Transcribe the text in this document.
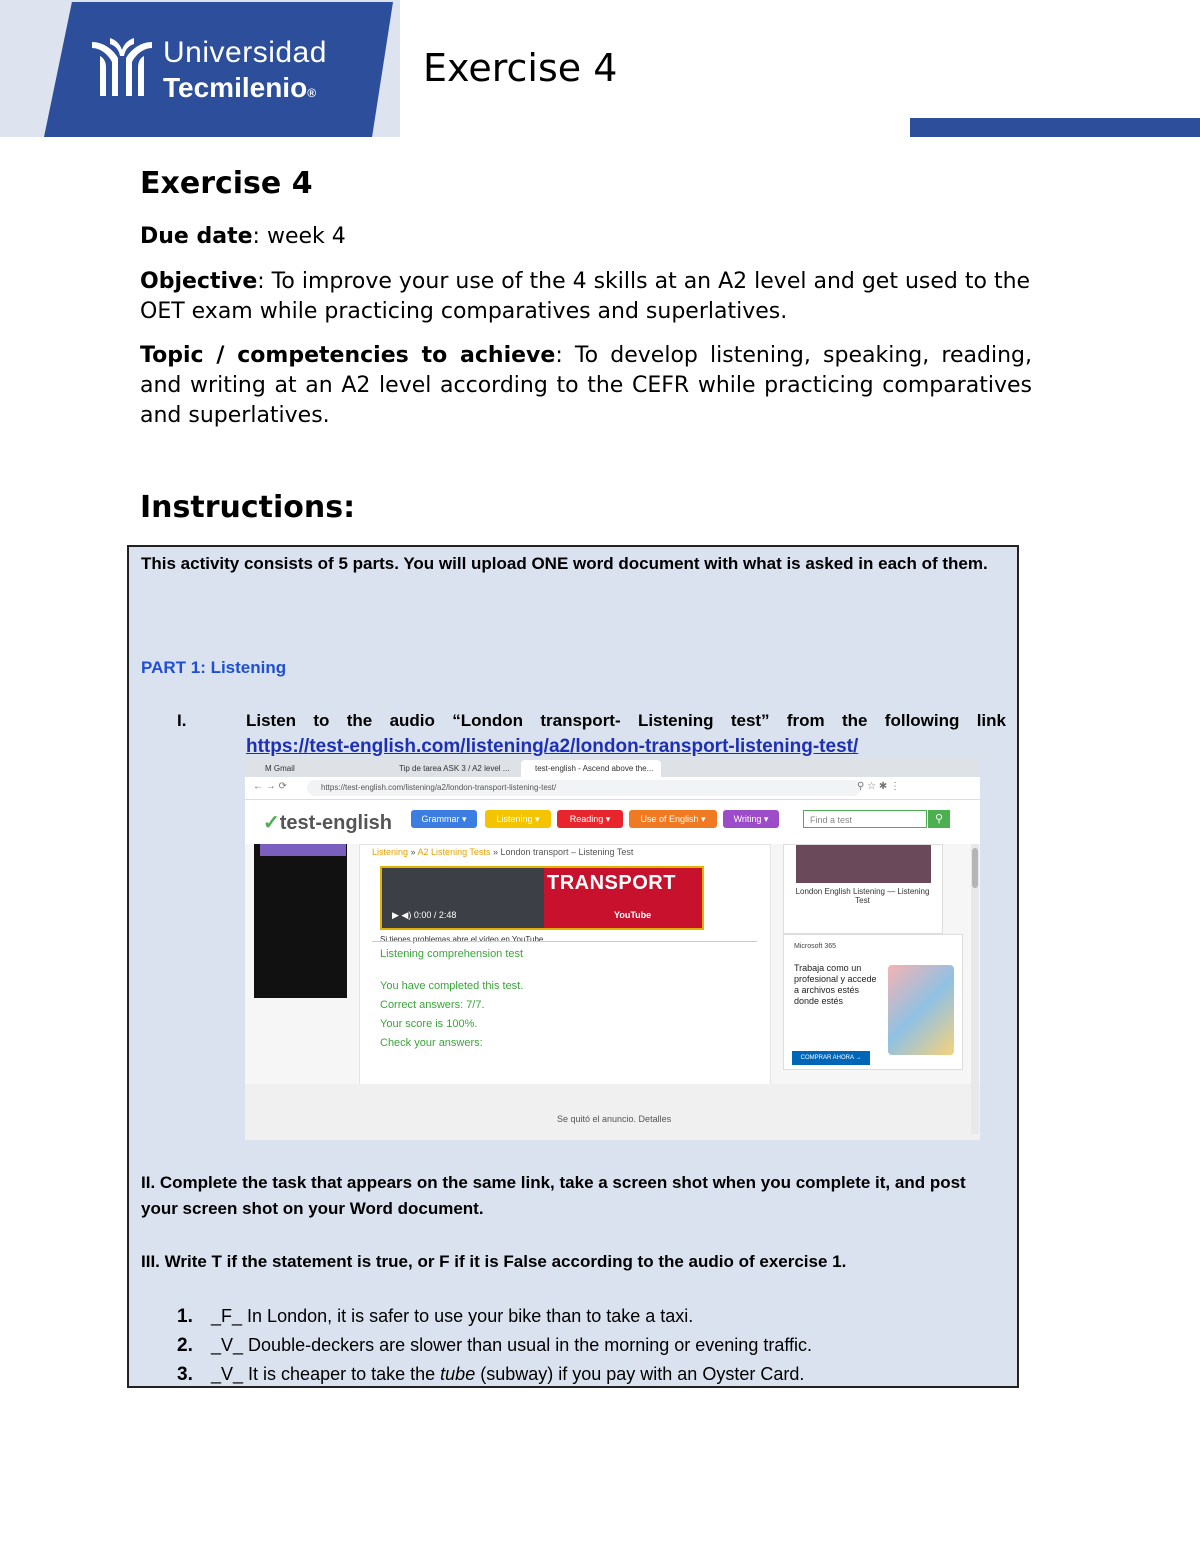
Universidad
Tecmilenio®
Exercise 4
Exercise 4
Due date: week 4
Objective: To improve your use of the 4 skills at an A2 level and get used to the OET exam while practicing comparatives and superlatives.
Topic / competencies to achieve: To develop listening, speaking, reading, and writing at an A2 level according to the CEFR while practicing comparatives and superlatives.
Instructions:
This activity consists of 5 parts. You will upload ONE word document with what is asked in each of them.
PART 1: Listening
I.	Listen to the audio “London transport- Listening test” from the following link
https://test-english.com/listening/a2/london-transport-listening-test/
M Gmail	Tip de tarea ASK 3 / A2 level ...	test-english - Ascend above the...
← → ⟳	https://test-english.com/listening/a2/london-transport-listening-test/	⚲ ☆ ✱ ⋮
✓test-english	Grammar ▾	Listening ▾	Reading ▾	Use of English ▾	Writing ▾	Find a test	⚲
Listening » A2 Listening Tests » London transport – Listening Test
TRANSPORT
▶ ◀) 0:00 / 2:48	YouTube
Si tienes problemas abre el vídeo en YouTube
Listening comprehension test
You have completed this test.
Correct answers: 7/7.
Your score is 100%.
Check your answers:
London English Listening — Listening Test
Microsoft 365
Trabaja como un profesional y accede a archivos estés donde estés
COMPRAR AHORA →
Se quitó el anuncio. Detalles
II. Complete the task that appears on the same link, take a screen shot when you complete it, and post your screen shot on your Word document.
III. Write T if the statement is true, or F if it is False according to the audio of exercise 1.
1. _F_ In London, it is safer to use your bike than to take a taxi.
2. _V_ Double-deckers are slower than usual in the morning or evening traffic.
3. _V_ It is cheaper to take the tube (subway) if you pay with an Oyster Card.
